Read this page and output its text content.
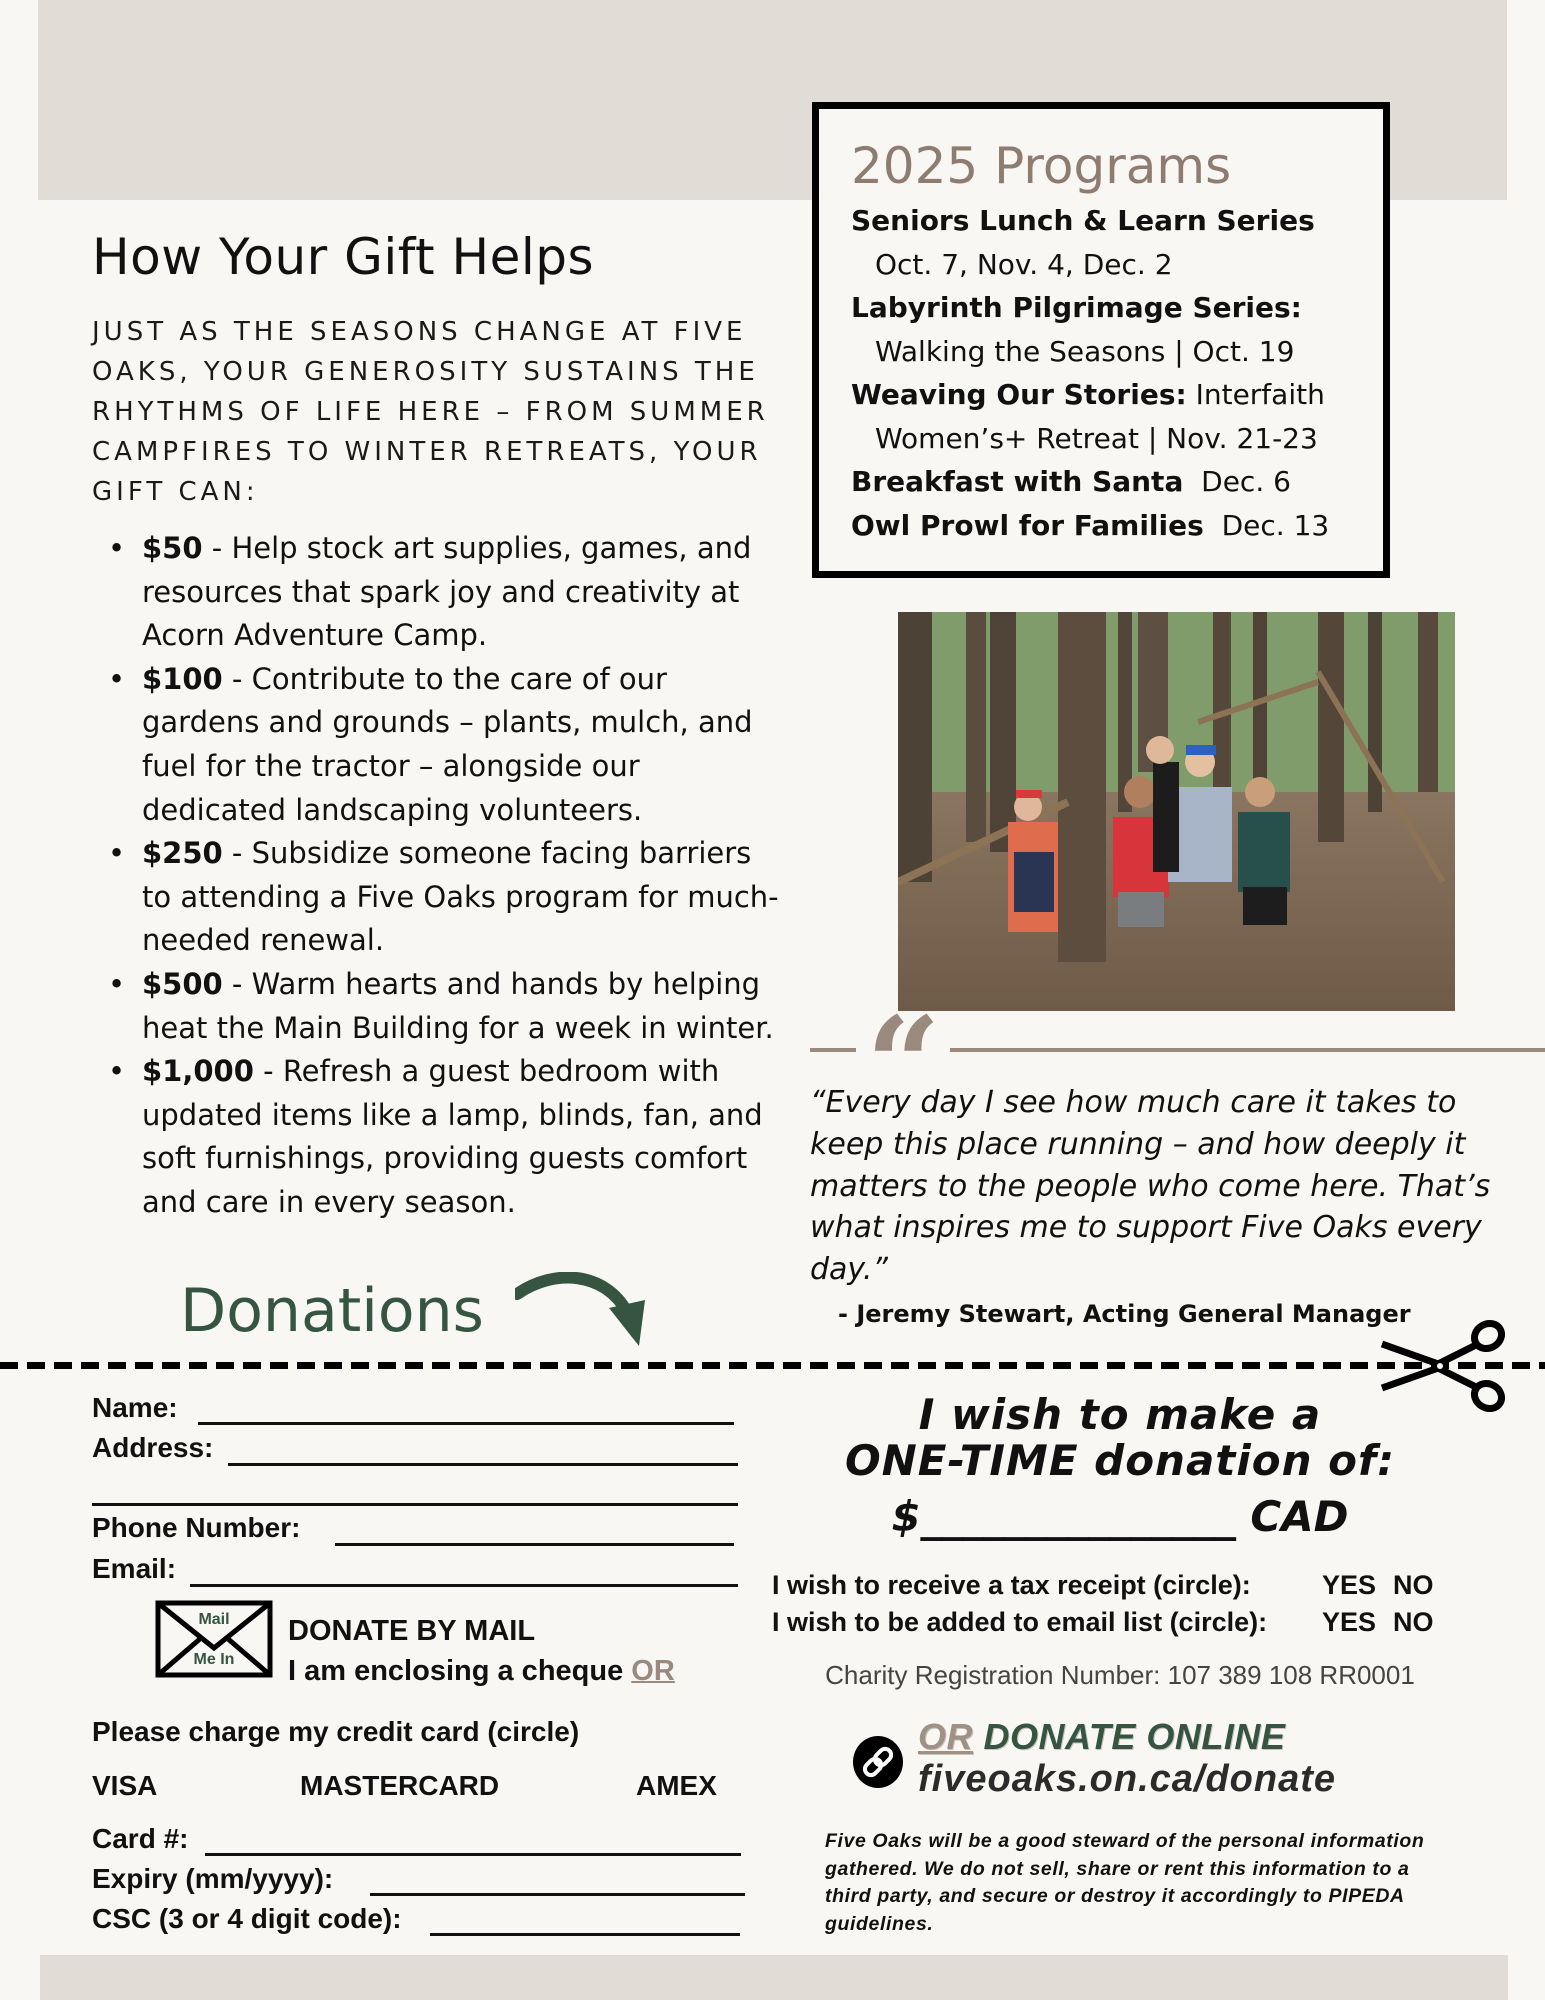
How Your Gift Helps

JUST AS THE SEASONS CHANGE AT FIVE OAKS, YOUR GENEROSITY SUSTAINS THE RHYTHMS OF LIFE HERE – FROM SUMMER CAMPFIRES TO WINTER RETREATS, YOUR GIFT CAN:

• $50 - Help stock art supplies, games, and resources that spark joy and creativity at Acorn Adventure Camp.
• $100 - Contribute to the care of our gardens and grounds – plants, mulch, and fuel for the tractor – alongside our dedicated landscaping volunteers.
• $250 - Subsidize someone facing barriers to attending a Five Oaks program for much-needed renewal.
• $500 - Warm hearts and hands by helping heat the Main Building for a week in winter.
• $1,000 - Refresh a guest bedroom with updated items like a lamp, blinds, fan, and soft furnishings, providing guests comfort and care in every season.
Donations
2025 Programs
Seniors Lunch & Learn Series
Oct. 7, Nov. 4, Dec. 2
Labyrinth Pilgrimage Series:
Walking the Seasons | Oct. 19
Weaving Our Stories: Interfaith
Women’s+ Retreat | Nov. 21-23
Breakfast with Santa  Dec. 6
Owl Prowl for Families  Dec. 13
“

“Every day I see how much care it takes to keep this place running – and how deeply it matters to the people who come here. That’s what inspires me to support Five Oaks every day.”

- Jeremy Stewart, Acting General Manager
Name:
Address:
Phone Number:
Email:
Mail
Me In
DONATE BY MAIL
I am enclosing a cheque OR
Please charge my credit card (circle)
VISA	MASTERCARD	AMEX
Card #:
Expiry (mm/yyyy):
CSC (3 or 4 digit code):
I wish to make a
ONE-TIME donation of:
$_______________ CAD
I wish to receive a tax receipt (circle):	YES NO
I wish to be added to email list (circle): YES NO
Charity Registration Number: 107 389 108 RR0001
OR DONATE ONLINE
fiveoaks.on.ca/donate

Five Oaks will be a good steward of the personal information gathered. We do not sell, share or rent this information to a third party, and secure or destroy it accordingly to PIPEDA guidelines.
